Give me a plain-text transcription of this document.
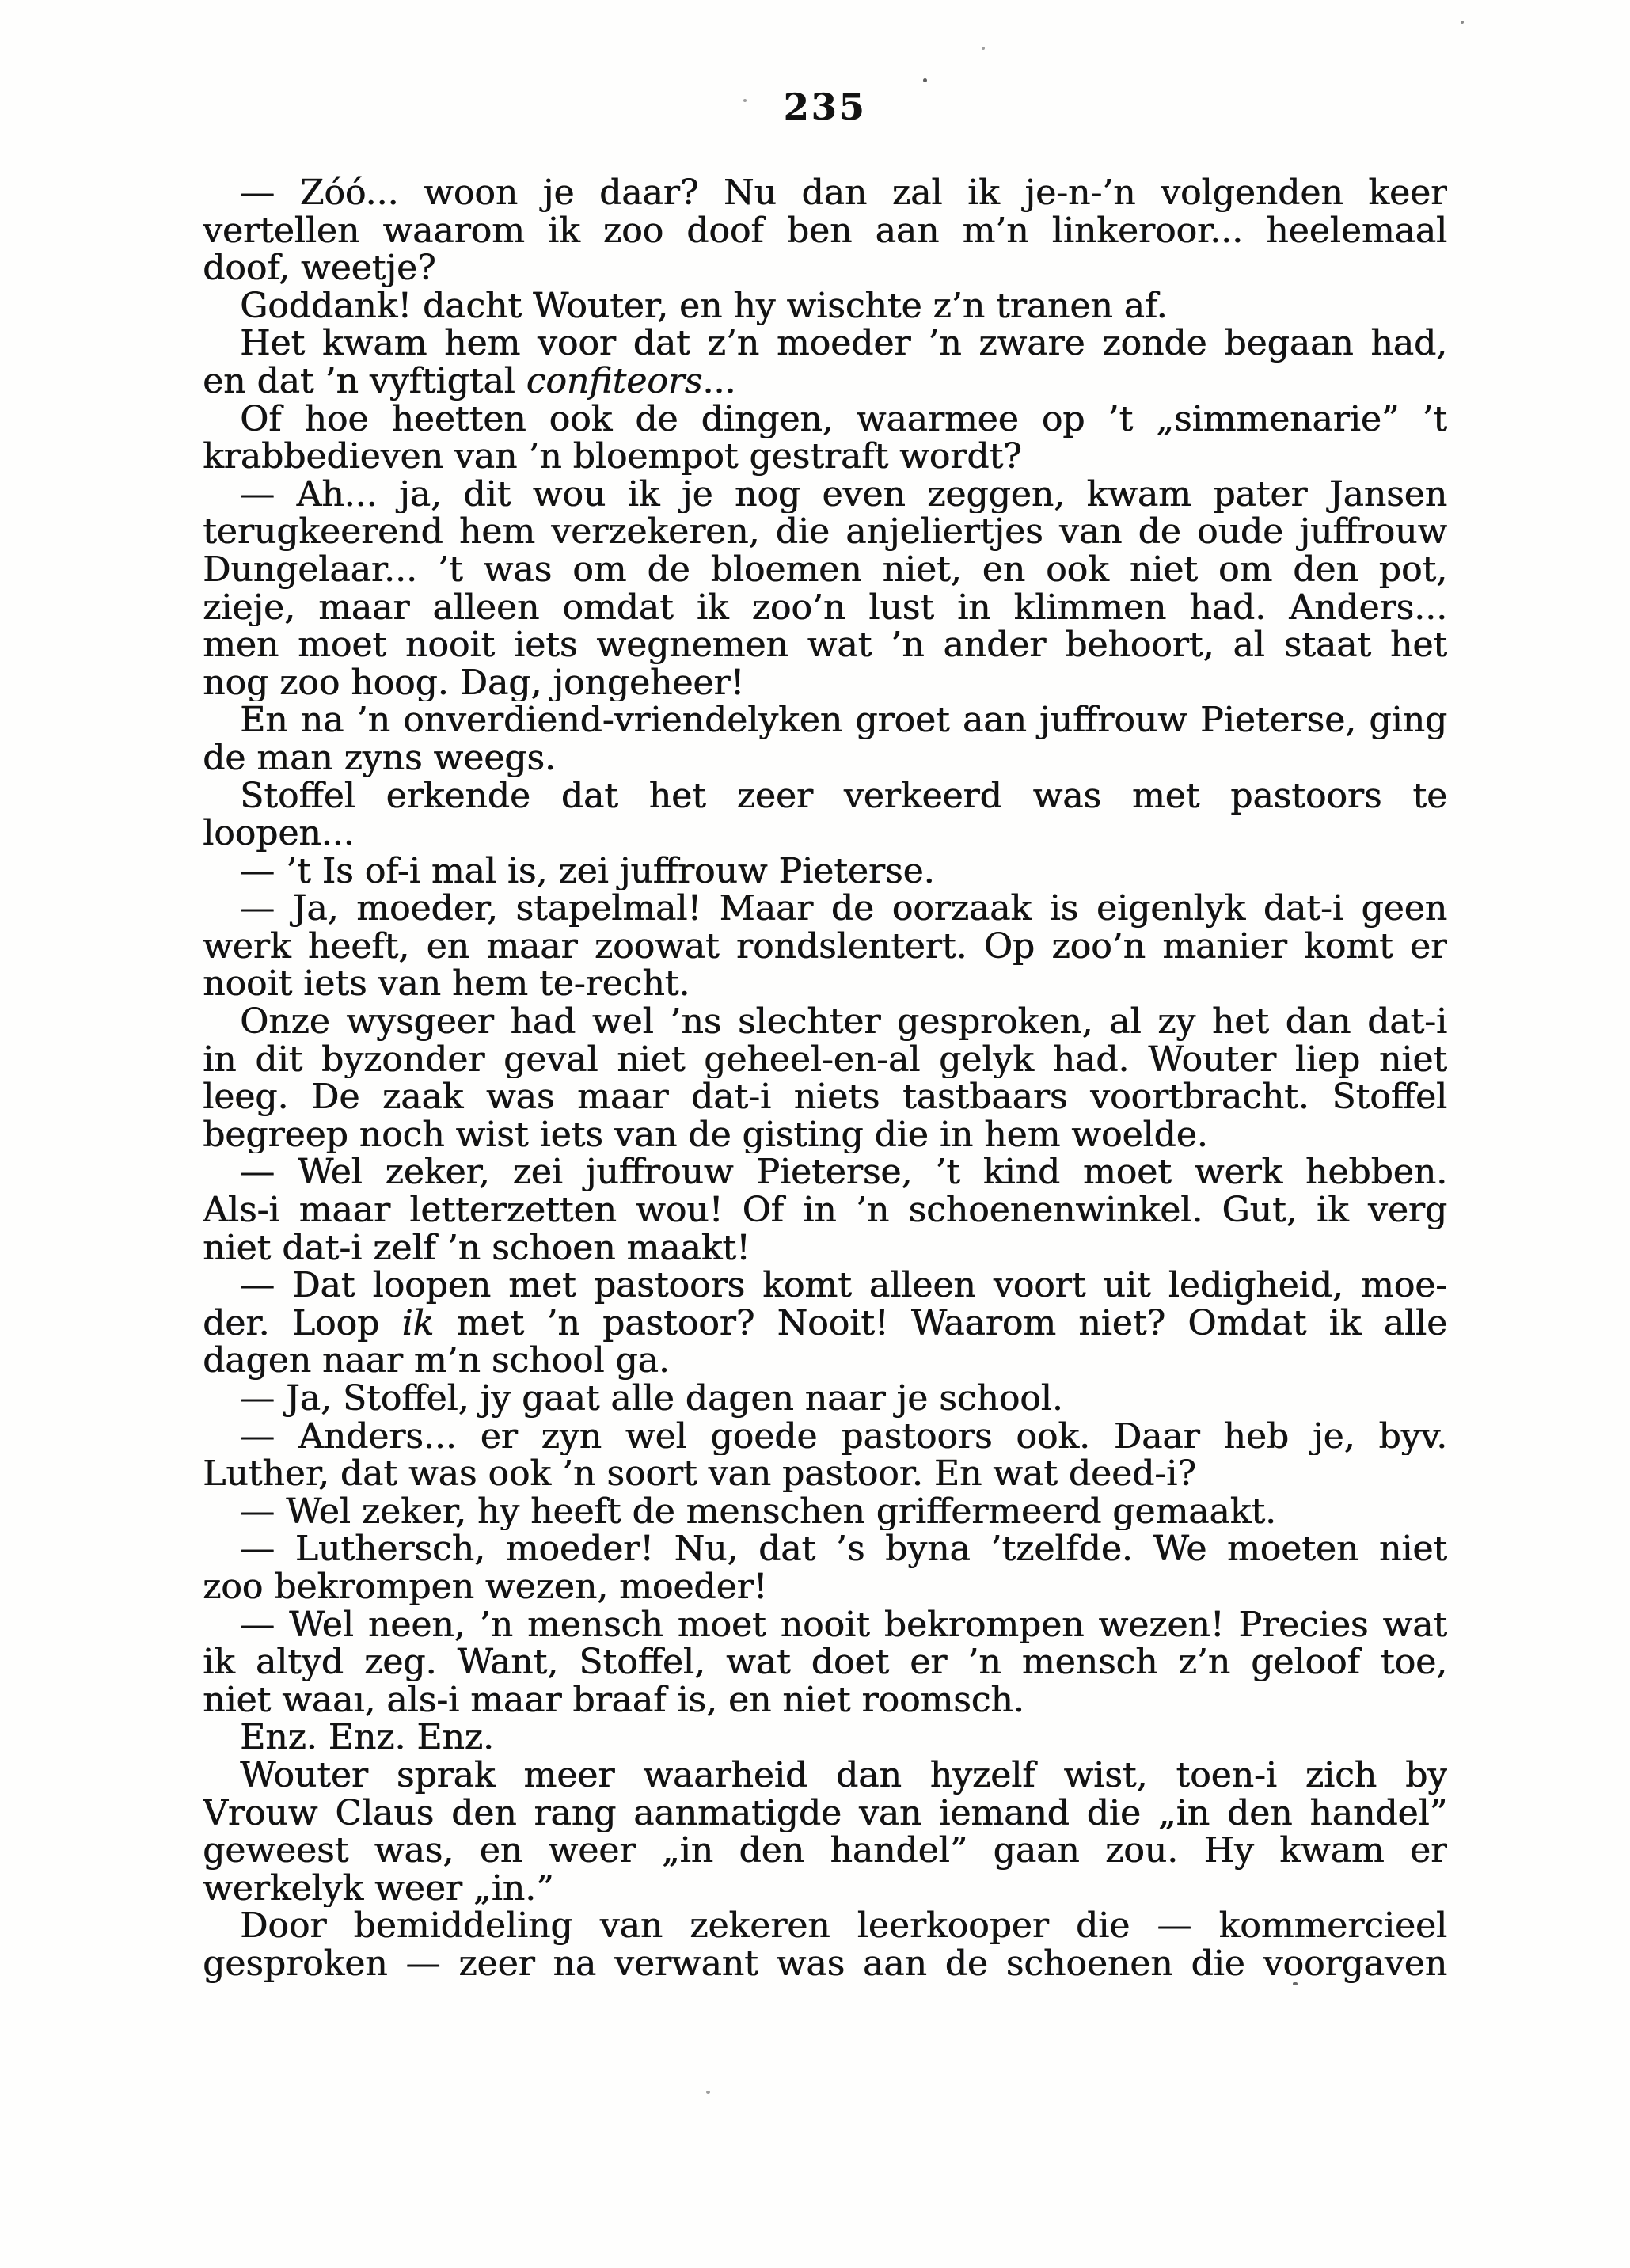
235
— Zóó... woon je daar? Nu dan zal ik je-n-’n volgenden keer
vertellen waarom ik zoo doof ben aan m’n linkeroor... heelemaal
doof, weetje?
Goddank! dacht Wouter, en hy wischte z’n tranen af.
Het kwam hem voor dat z’n moeder ’n zware zonde begaan had,
en dat ’n vyftigtal confiteors...
Of hoe heetten ook de dingen, waarmee op ’t „simmenarie” ’t
krabbedieven van ’n bloempot gestraft wordt?
— Ah... ja, dit wou ik je nog even zeggen, kwam pater Jansen
terugkeerend hem verzekeren, die anjeliertjes van de oude juffrouw
Dungelaar... ’t was om de bloemen niet, en ook niet om den pot,
zieje, maar alleen omdat ik zoo’n lust in klimmen had. Anders...
men moet nooit iets wegnemen wat ’n ander behoort, al staat het
nog zoo hoog. Dag, jongeheer!
En na ’n onverdiend-vriendelyken groet aan juffrouw Pieterse, ging
de man zyns weegs.
Stoffel erkende dat het zeer verkeerd was met pastoors te
loopen...
— ’t Is of-i mal is, zei juffrouw Pieterse.
— Ja, moeder, stapelmal! Maar de oorzaak is eigenlyk dat-i geen
werk heeft, en maar zoowat rondslentert. Op zoo’n manier komt er
nooit iets van hem te-recht.
Onze wysgeer had wel ’ns slechter gesproken, al zy het dan dat-i
in dit byzonder geval niet geheel-en-al gelyk had. Wouter liep niet
leeg. De zaak was maar dat-i niets tastbaars voortbracht. Stoffel
begreep noch wist iets van de gisting die in hem woelde.
— Wel zeker, zei juffrouw Pieterse, ’t kind moet werk hebben.
Als-i maar letterzetten wou! Of in ’n schoenenwinkel. Gut, ik verg
niet dat-i zelf ’n schoen maakt!
— Dat loopen met pastoors komt alleen voort uit ledigheid, moe-
der. Loop ik met ’n pastoor? Nooit! Waarom niet? Omdat ik alle
dagen naar m’n school ga.
— Ja, Stoffel, jy gaat alle dagen naar je school.
— Anders... er zyn wel goede pastoors ook. Daar heb je, byv.
Luther, dat was ook ’n soort van pastoor. En wat deed-i?
— Wel zeker, hy heeft de menschen griffermeerd gemaakt.
— Luthersch, moeder! Nu, dat ’s byna ’tzelfde. We moeten niet
zoo bekrompen wezen, moeder!
— Wel neen, ’n mensch moet nooit bekrompen wezen! Precies wat
ik altyd zeg. Want, Stoffel, wat doet er ’n mensch z’n geloof toe,
niet waaı, als-i maar braaf is, en niet roomsch.
Enz. Enz. Enz.
Wouter sprak meer waarheid dan hyzelf wist, toen-i zich by
Vrouw Claus den rang aanmatigde van iemand die „in den handel”
geweest was, en weer „in den handel” gaan zou. Hy kwam er
werkelyk weer „in.”
Door bemiddeling van zekeren leerkooper die — kommercieel
gesproken — zeer na verwant was aan de schoenen die voorgaven
